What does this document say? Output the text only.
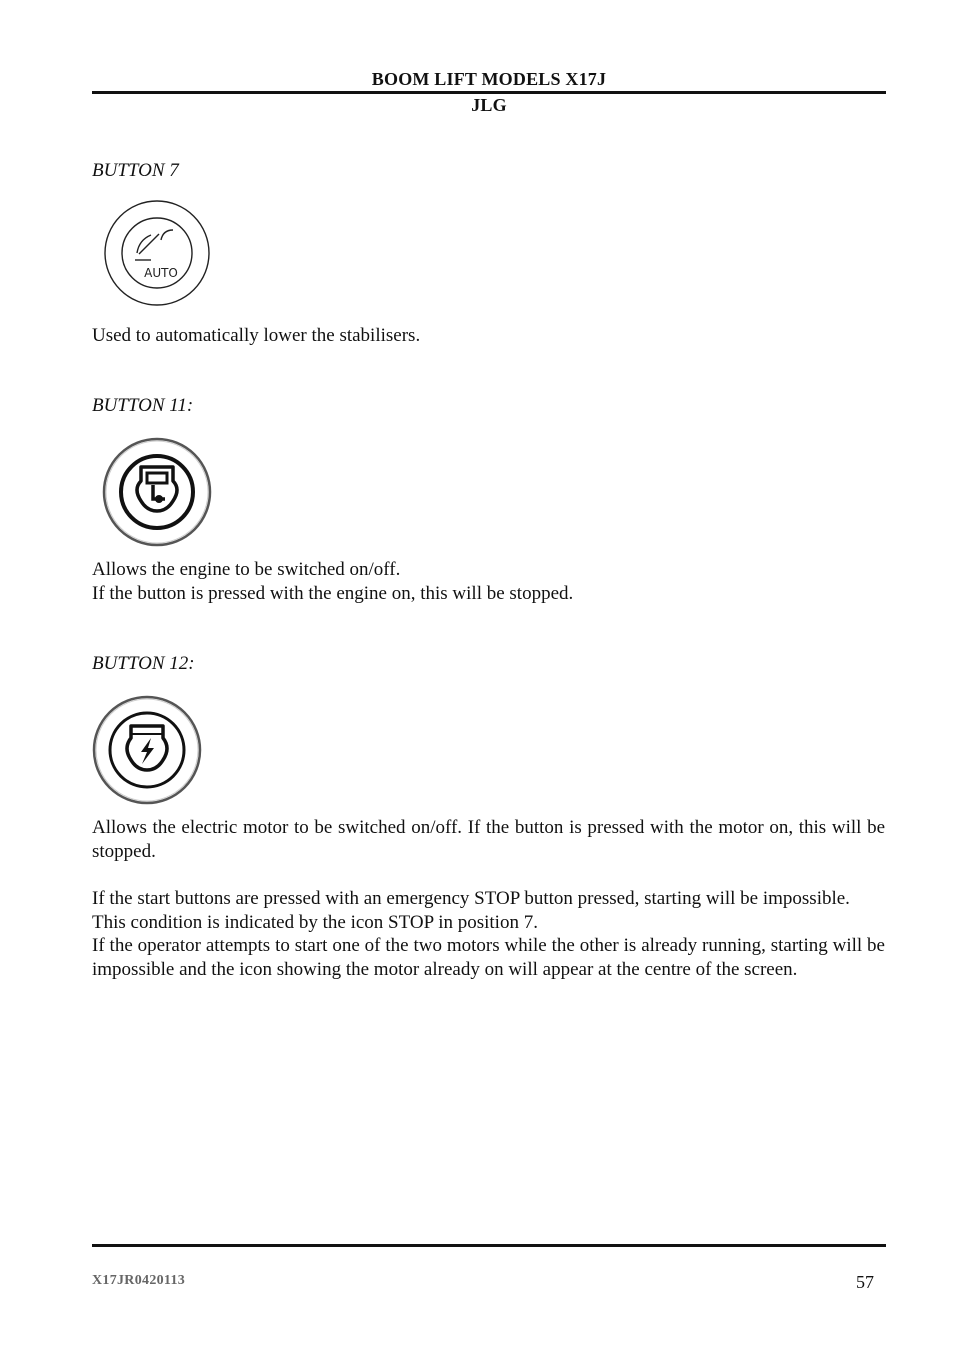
BOOM LIFT MODELS X17J
JLG
BUTTON 7
AUTO

Used to automatically lower the stabilisers.

BUTTON 11:

Allows the engine to be switched on/off.

If the button is pressed with the engine on, this will be stopped.

BUTTON 12:

Allows the electric motor to be switched on/off. If the button is pressed with the motor on, this will be stopped.

If the start buttons are pressed with an emergency STOP button pressed, starting will be impossible.

This condition is indicated by the icon STOP in position 7.

If the operator attempts to start one of the two motors while the other is already running, starting will be impossible and the icon showing the motor already on will appear at the centre of the screen.

X17JR0420113	57
